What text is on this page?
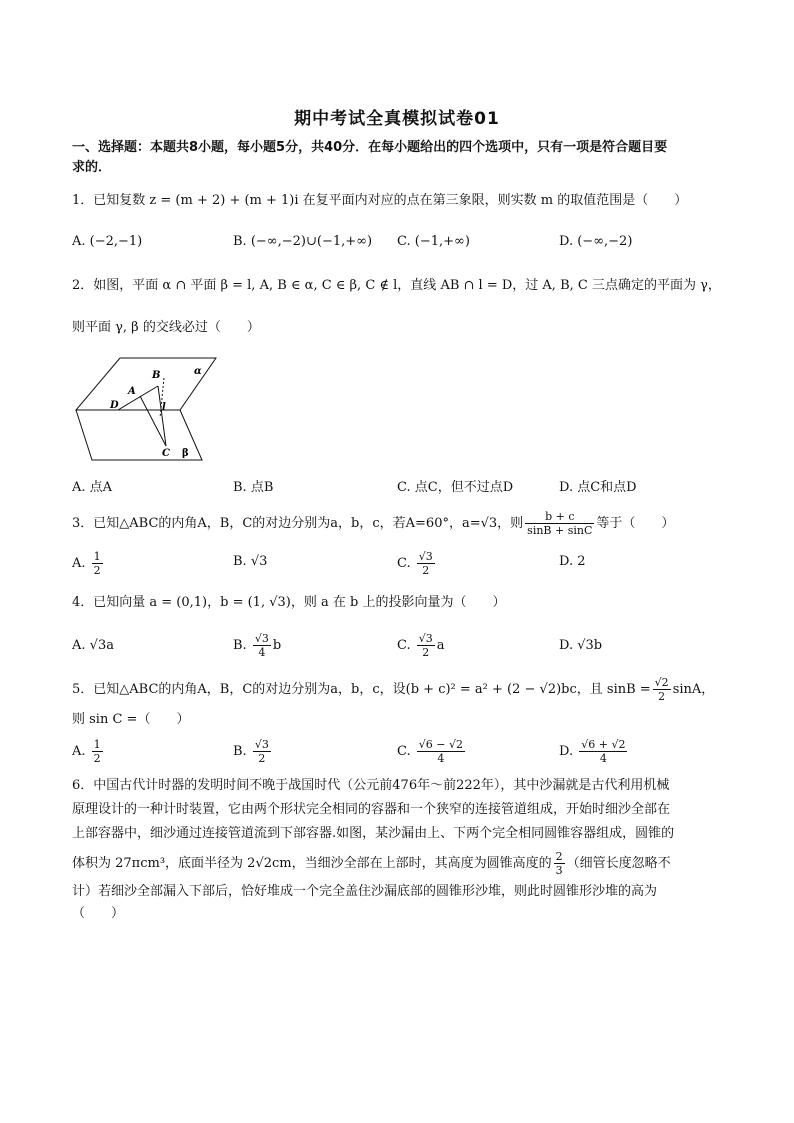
期中考试全真模拟试卷01
一、选择题：本题共8小题，每小题5分，共40分．在每小题给出的四个选项中，只有一项是符合题目要
求的．
1．已知复数 z = (m + 2) + (m + 1)i 在复平面内对应的点在第三象限，则实数 m 的取值范围是（　　）
A. (−2,−1)	B. (−∞,−2)∪(−1,+∞) C. (−1,+∞)	D. (−∞,−2)
2．如图，平面 α ∩ 平面 β = l, A, B ∈ α, C ∈ β, C ∉ l，直线 AB ∩ l = D，过 A, B, C 三点确定的平面为 γ，
则平面 γ, β 的交线必过（　　）
A
B
C
D	l
α
β
A. 点A	B. 点B	C. 点C，但不过点D	D. 点C和点D
3．已知△ABC的内角A，B，C的对边分别为a，b，c，若A=60°，a=√3，则 $\frac{b + c}{\sin B + \sin C}$ 等于（　　）
A. $\frac{1}{2}$	B. √3	C. $\frac{√3}{2}$	D. 2
4．已知向量 a = (0,1)，b = (1, √3)，则 a 在 b 上的投影向量为（　　）
A. √3a	B. $\frac{√3}{4}$ b	C. $\frac{√3}{2}$ a	D. √3b
5．已知△ABC的内角A，B，C的对边分别为a，b，c，设(b + c)² = a² + (2 − √2)bc，且 $\sin B = \frac{√2}{2}$ sinA，
则 sin C =（　　）
A. $\frac{1}{2}$	B. $\frac{√3}{2}$	C. $\frac{√6 - √2}{4}$	D. $\frac{√6 + √2}{4}$
6．中国古代计时器的发明时间不晚于战国时代（公元前476年～前222年），其中沙漏就是古代利用机械
原理设计的一种计时装置，它由两个形状完全相同的容器和一个狭窄的连接管道组成，开始时细沙全部在
上部容器中，细沙通过连接管道流到下部容器.如图，某沙漏由上、下两个完全相同圆锥容器组成，圆锥的
体积为 27πcm³，底面半径为 2√2cm，当细沙全部在上部时，其高度为圆锥高度的 $\frac{2}{3}$ （细管长度忽略不
计）若细沙全部漏入下部后，恰好堆成一个完全盖住沙漏底部的圆锥形沙堆，则此时圆锥形沙堆的高为
（　　）
